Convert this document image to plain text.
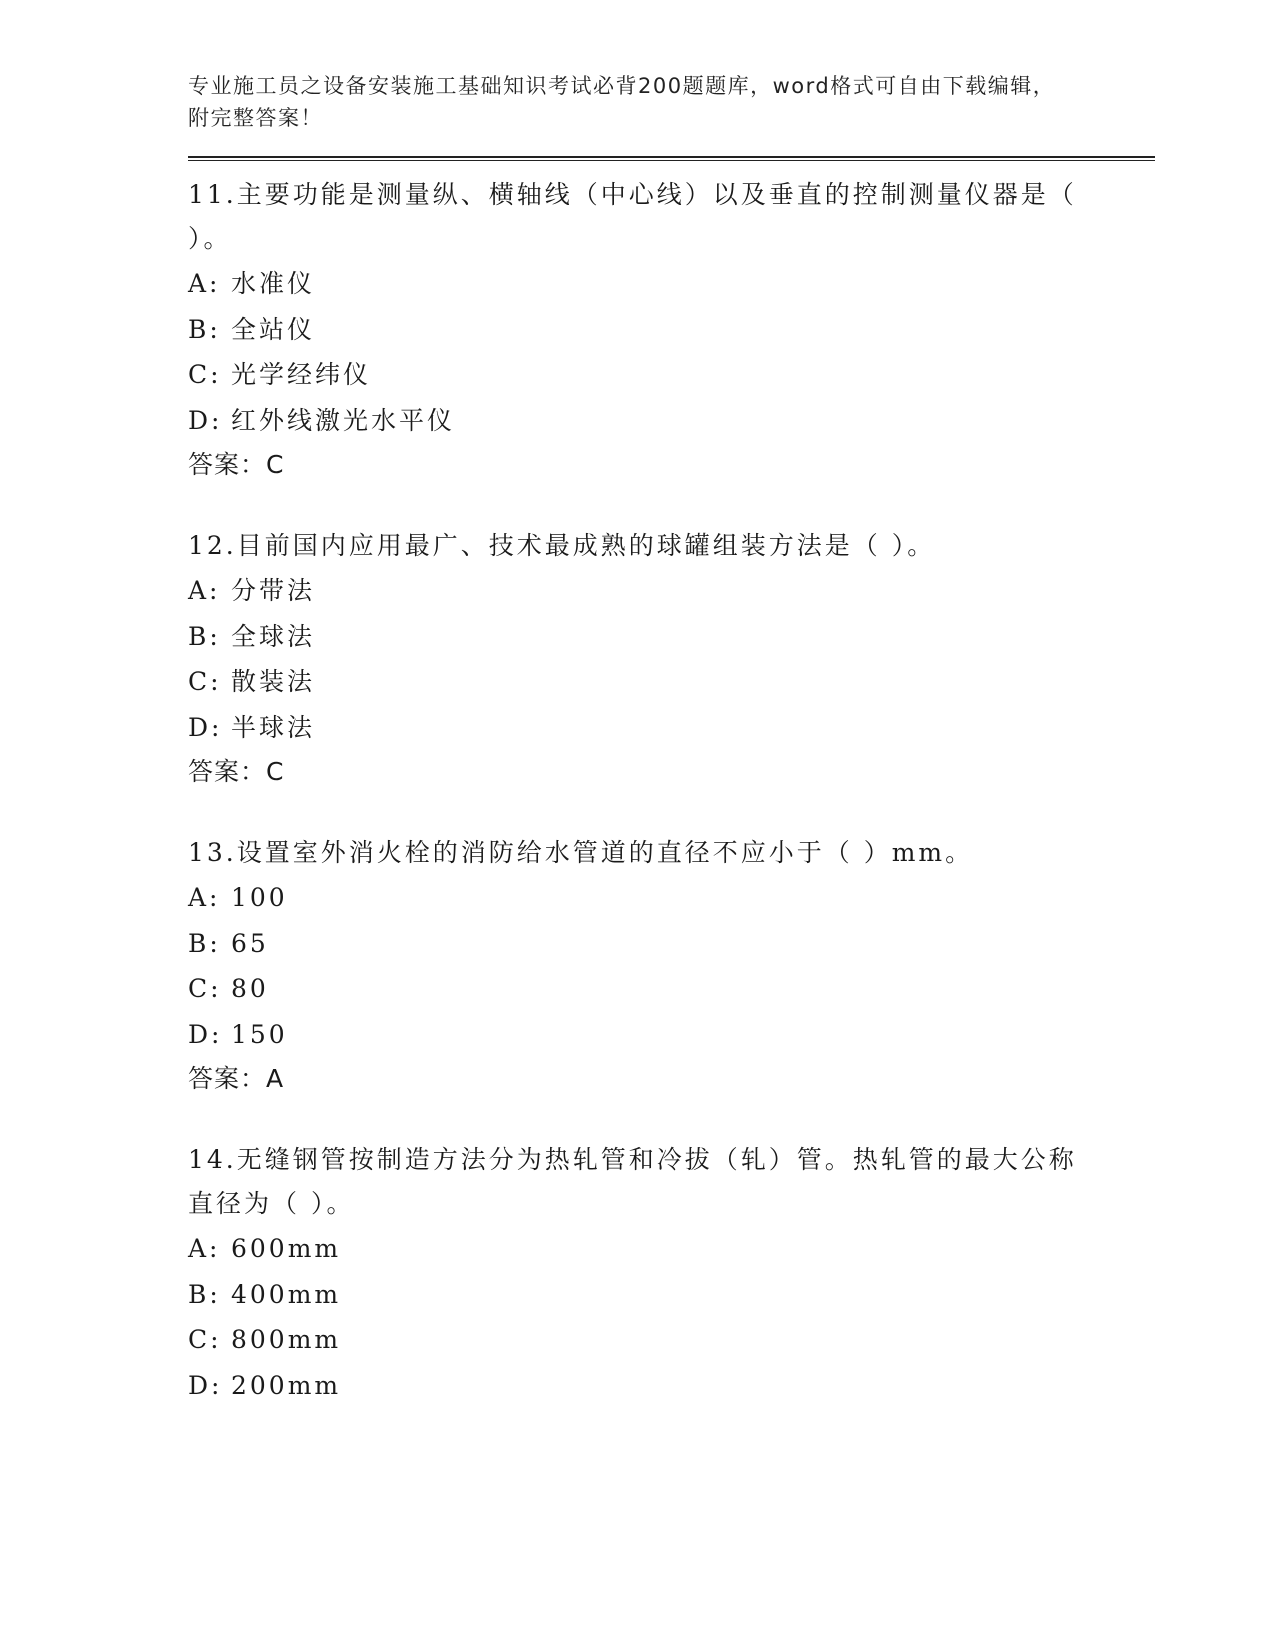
专业施工员之设备安装施工基础知识考试必背200题题库，word格式可自由下载编辑，附完整答案！

11.主要功能是测量纵、横轴线（中心线）以及垂直的控制测量仪器是（ ）。

A: 水准仪

B: 全站仪

C: 光学经纬仪

D: 红外线激光水平仪

答案：C

12.目前国内应用最广、技术最成熟的球罐组装方法是（ ）。

A: 分带法

B: 全球法

C: 散装法

D: 半球法

答案：C

13.设置室外消火栓的消防给水管道的直径不应小于（ ）mm。

A: 100

B: 65

C: 80

D: 150

答案：A

14.无缝钢管按制造方法分为热轧管和冷拔（轧）管。热轧管的最大公称直径为（ ）。

A: 600mm

B: 400mm

C: 800mm

D: 200mm
